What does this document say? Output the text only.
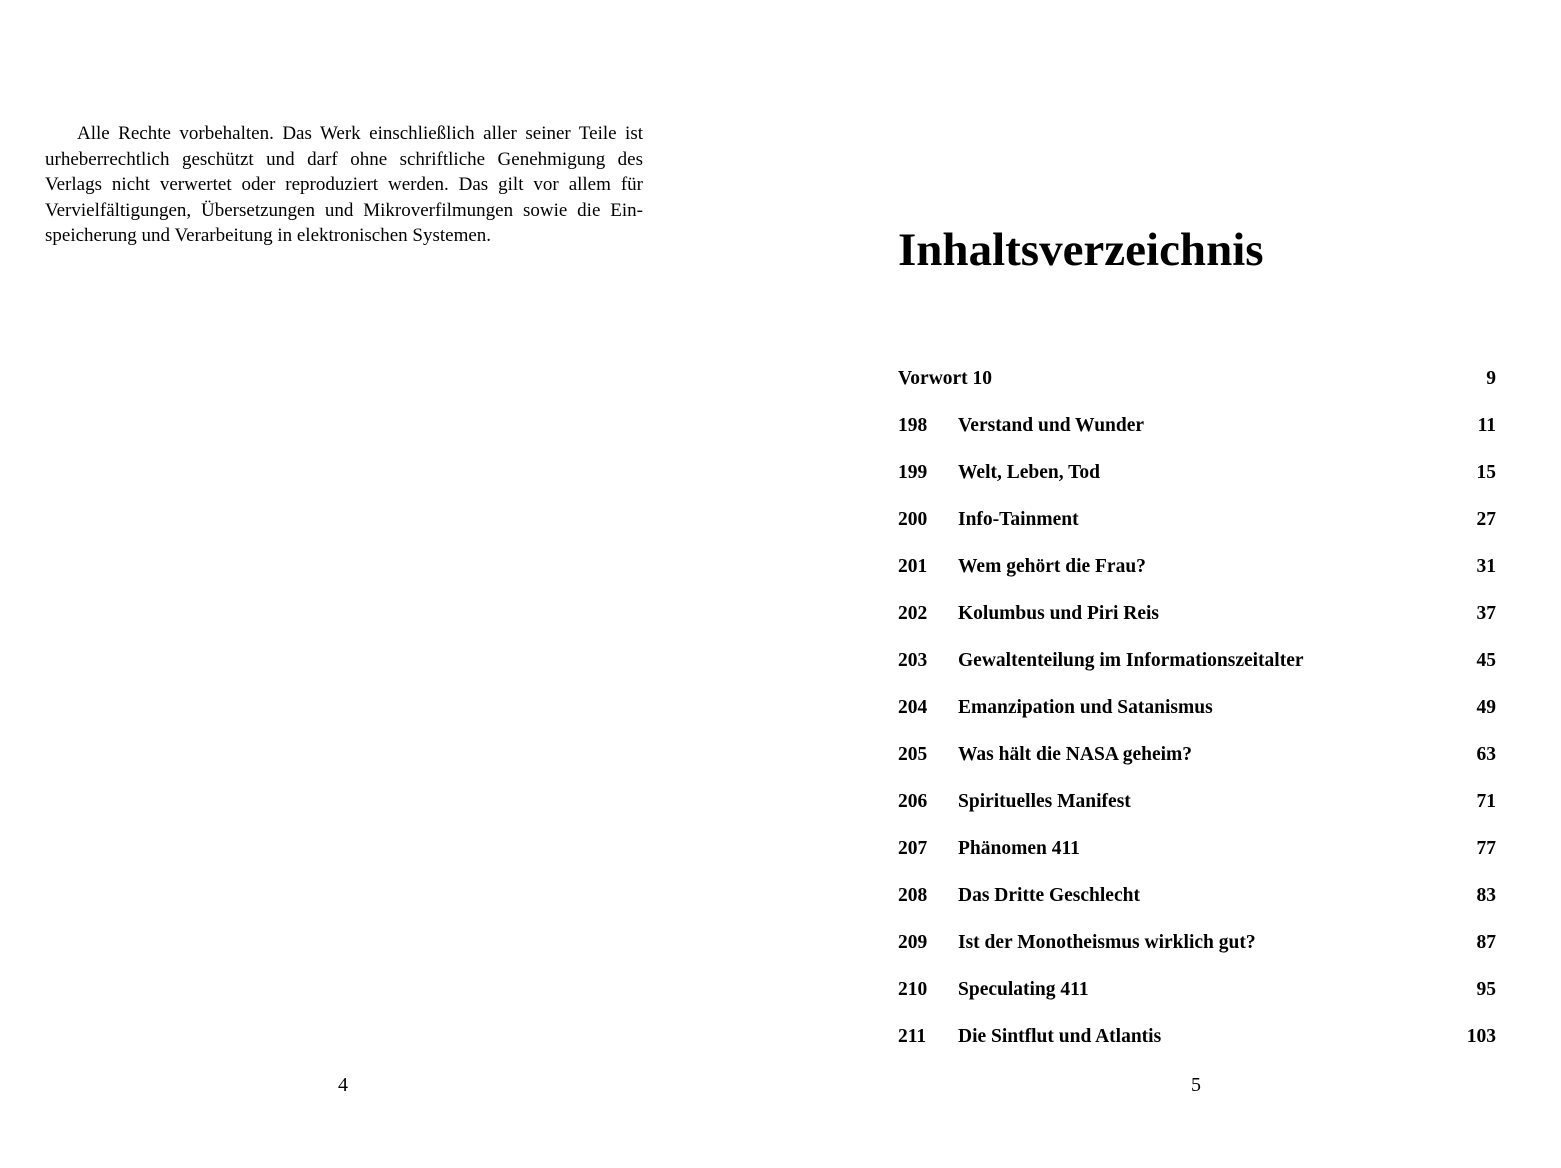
Alle Rechte vorbehalten. Das Werk einschließlich aller seiner Teile ist urheberrechtlich geschützt und darf ohne schriftliche Genehmigung des Verlags nicht verwertet oder reproduziert werden. Das gilt vor allem für Vervielfältigungen, Übersetzungen und Mikroverfilmungen sowie die Einspeicherung und Verarbeitung in elektronischen Systemen.

4
Inhaltsverzeichnis
Vorwort 10	9
198 Verstand und Wunder	11
199 Welt, Leben, Tod	15
200 Info-Tainment	27
201 Wem gehört die Frau?	31
202 Kolumbus und Piri Reis	37
203 Gewaltenteilung im Informationszeitalter	45
204 Emanzipation und Satanismus	49
205 Was hält die NASA geheim?	63
206 Spirituelles Manifest	71
207 Phänomen 411	77
208 Das Dritte Geschlecht	83
209 Ist der Monotheismus wirklich gut?	87
210 Speculating 411	95
211 Die Sintflut und Atlantis	103
5
